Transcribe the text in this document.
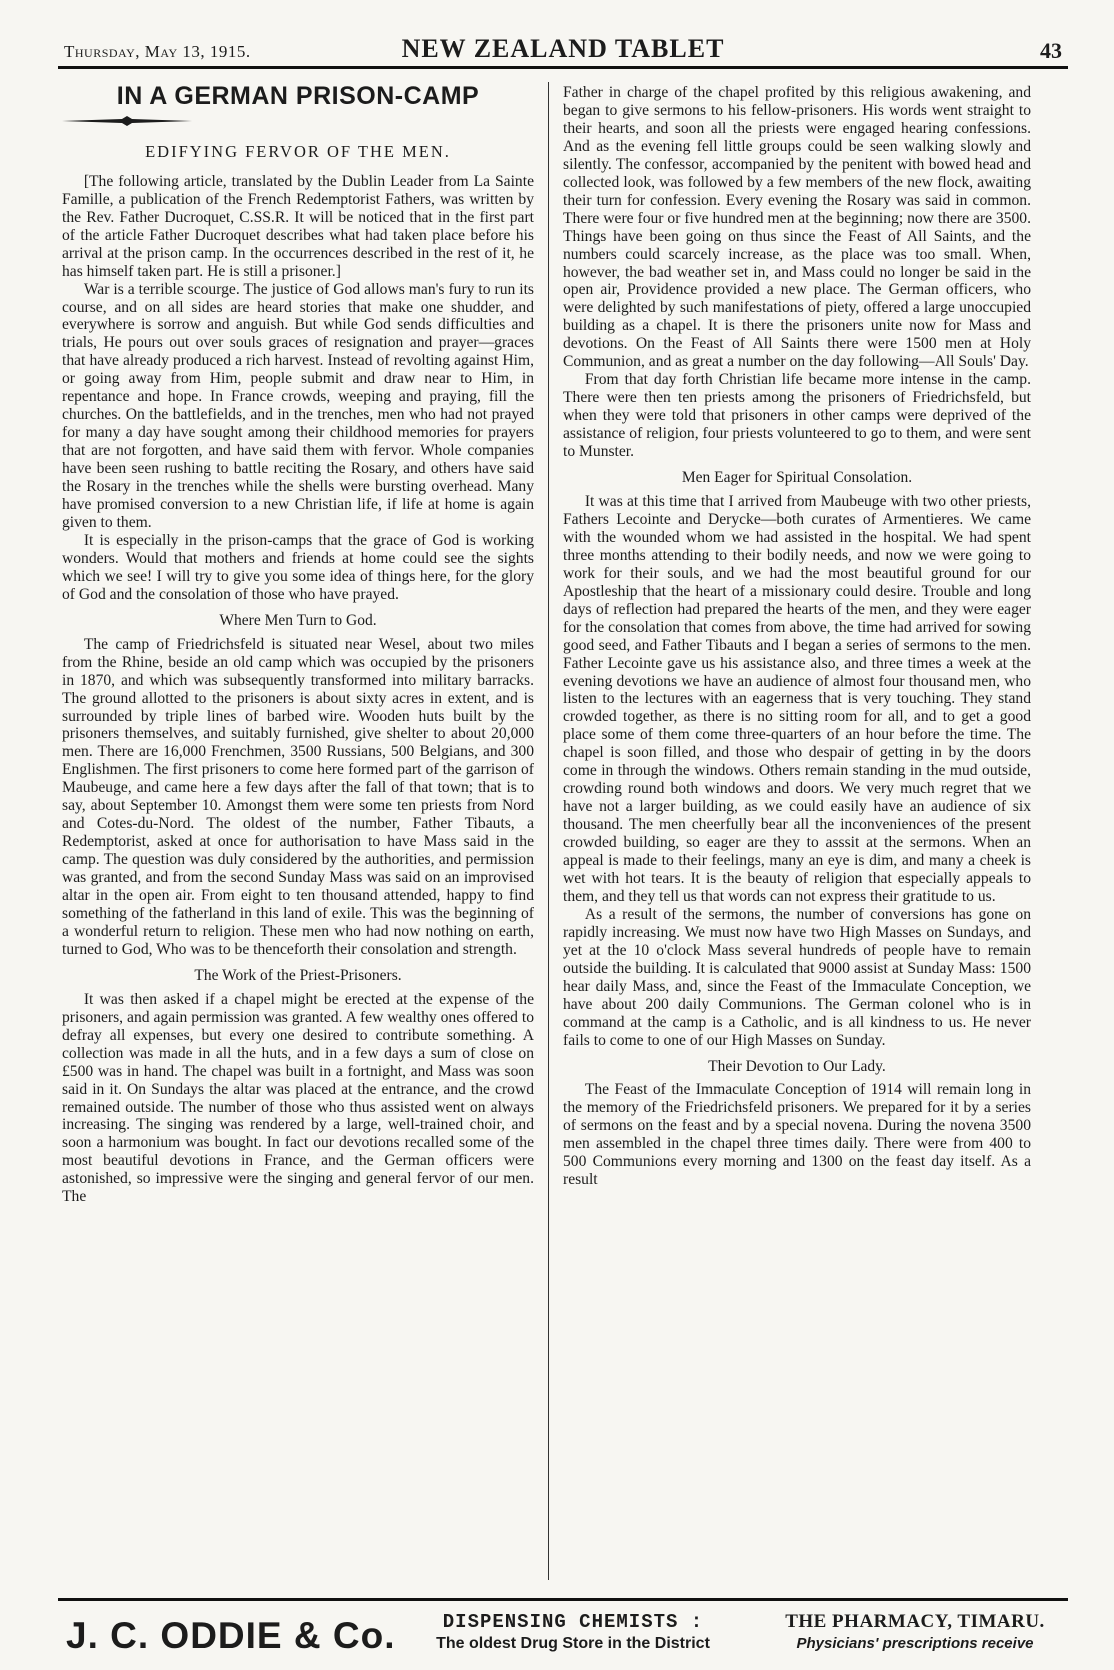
Thursday, May 13, 1915.	NEW ZEALAND TABLET	43
IN A GERMAN PRISON-CAMP
EDIFYING FERVOR OF THE MEN.

[The following article, translated by the Dublin Leader from La Sainte Famille, a publication of the French Redemptorist Fathers, was written by the Rev. Father Ducroquet, C.SS.R. It will be noticed that in the first part of the article Father Ducroquet describes what had taken place before his arrival at the prison camp. In the occurrences described in the rest of it, he has himself taken part. He is still a prisoner.]

War is a terrible scourge. The justice of God allows man's fury to run its course, and on all sides are heard stories that make one shudder, and everywhere is sorrow and anguish. But while God sends difficulties and trials, He pours out over souls graces of resignation and prayer—graces that have already produced a rich harvest. Instead of revolting against Him, or going away from Him, people submit and draw near to Him, in repentance and hope. In France crowds, weeping and praying, fill the churches. On the battlefields, and in the trenches, men who had not prayed for many a day have sought among their childhood memories for prayers that are not forgotten, and have said them with fervor. Whole companies have been seen rushing to battle reciting the Rosary, and others have said the Rosary in the trenches while the shells were bursting overhead. Many have promised conversion to a new Christian life, if life at home is again given to them.

It is especially in the prison-camps that the grace of God is working wonders. Would that mothers and friends at home could see the sights which we see! I will try to give you some idea of things here, for the glory of God and the consolation of those who have prayed.

Where Men Turn to God.

The camp of Friedrichsfeld is situated near Wesel, about two miles from the Rhine, beside an old camp which was occupied by the prisoners in 1870, and which was subsequently transformed into military barracks. The ground allotted to the prisoners is about sixty acres in extent, and is surrounded by triple lines of barbed wire. Wooden huts built by the prisoners themselves, and suitably furnished, give shelter to about 20,000 men. There are 16,000 Frenchmen, 3500 Russians, 500 Belgians, and 300 Englishmen. The first prisoners to come here formed part of the garrison of Maubeuge, and came here a few days after the fall of that town; that is to say, about September 10. Amongst them were some ten priests from Nord and Cotes-du-Nord. The oldest of the number, Father Tibauts, a Redemptorist, asked at once for authorisation to have Mass said in the camp. The question was duly considered by the authorities, and permission was granted, and from the second Sunday Mass was said on an improvised altar in the open air. From eight to ten thousand attended, happy to find something of the fatherland in this land of exile. This was the beginning of a wonderful return to religion. These men who had now nothing on earth, turned to God, Who was to be thenceforth their consolation and strength.

The Work of the Priest-Prisoners.

It was then asked if a chapel might be erected at the expense of the prisoners, and again permission was granted. A few wealthy ones offered to defray all expenses, but every one desired to contribute something. A collection was made in all the huts, and in a few days a sum of close on £500 was in hand. The chapel was built in a fortnight, and Mass was soon said in it. On Sundays the altar was placed at the entrance, and the crowd remained outside. The number of those who thus assisted went on always increasing. The singing was rendered by a large, well-trained choir, and soon a harmonium was bought. In fact our devotions recalled some of the most beautiful devotions in France, and the German officers were astonished, so impressive were the singing and general fervor of our men. The

Father in charge of the chapel profited by this religious awakening, and began to give sermons to his fellow-prisoners. His words went straight to their hearts, and soon all the priests were engaged hearing confessions. And as the evening fell little groups could be seen walking slowly and silently. The confessor, accompanied by the penitent with bowed head and collected look, was followed by a few members of the new flock, awaiting their turn for confession. Every evening the Rosary was said in common. There were four or five hundred men at the beginning; now there are 3500. Things have been going on thus since the Feast of All Saints, and the numbers could scarcely increase, as the place was too small. When, however, the bad weather set in, and Mass could no longer be said in the open air, Providence provided a new place. The German officers, who were delighted by such manifestations of piety, offered a large unoccupied building as a chapel. It is there the prisoners unite now for Mass and devotions. On the Feast of All Saints there were 1500 men at Holy Communion, and as great a number on the day following—All Souls' Day.

From that day forth Christian life became more intense in the camp. There were then ten priests among the prisoners of Friedrichsfeld, but when they were told that prisoners in other camps were deprived of the assistance of religion, four priests volunteered to go to them, and were sent to Munster.

Men Eager for Spiritual Consolation.

It was at this time that I arrived from Maubeuge with two other priests, Fathers Lecointe and Derycke—both curates of Armentieres. We came with the wounded whom we had assisted in the hospital. We had spent three months attending to their bodily needs, and now we were going to work for their souls, and we had the most beautiful ground for our Apostleship that the heart of a missionary could desire. Trouble and long days of reflection had prepared the hearts of the men, and they were eager for the consolation that comes from above, the time had arrived for sowing good seed, and Father Tibauts and I began a series of sermons to the men. Father Lecointe gave us his assistance also, and three times a week at the evening devotions we have an audience of almost four thousand men, who listen to the lectures with an eagerness that is very touching. They stand crowded together, as there is no sitting room for all, and to get a good place some of them come three-quarters of an hour before the time. The chapel is soon filled, and those who despair of getting in by the doors come in through the windows. Others remain standing in the mud outside, crowding round both windows and doors. We very much regret that we have not a larger building, as we could easily have an audience of six thousand. The men cheerfully bear all the inconveniences of the present crowded building, so eager are they to asssit at the sermons. When an appeal is made to their feelings, many an eye is dim, and many a cheek is wet with hot tears. It is the beauty of religion that especially appeals to them, and they tell us that words can not express their gratitude to us.

As a result of the sermons, the number of conversions has gone on rapidly increasing. We must now have two High Masses on Sundays, and yet at the 10 o'clock Mass several hundreds of people have to remain outside the building. It is calculated that 9000 assist at Sunday Mass: 1500 hear daily Mass, and, since the Feast of the Immaculate Conception, we have about 200 daily Communions. The German colonel who is in command at the camp is a Catholic, and is all kindness to us. He never fails to come to one of our High Masses on Sunday.

Their Devotion to Our Lady.

The Feast of the Immaculate Conception of 1914 will remain long in the memory of the Friedrichsfeld prisoners. We prepared for it by a series of sermons on the feast and by a special novena. During the novena 3500 men assembled in the chapel three times daily. There were from 400 to 500 Communions every morning and 1300 on the feast day itself. As a result

J. C. ODDIE & Co.	DISPENSING CHEMISTS :
The oldest Drug Store in the District
THE PHARMACY, TIMARU.
Physicians' prescriptions receive
